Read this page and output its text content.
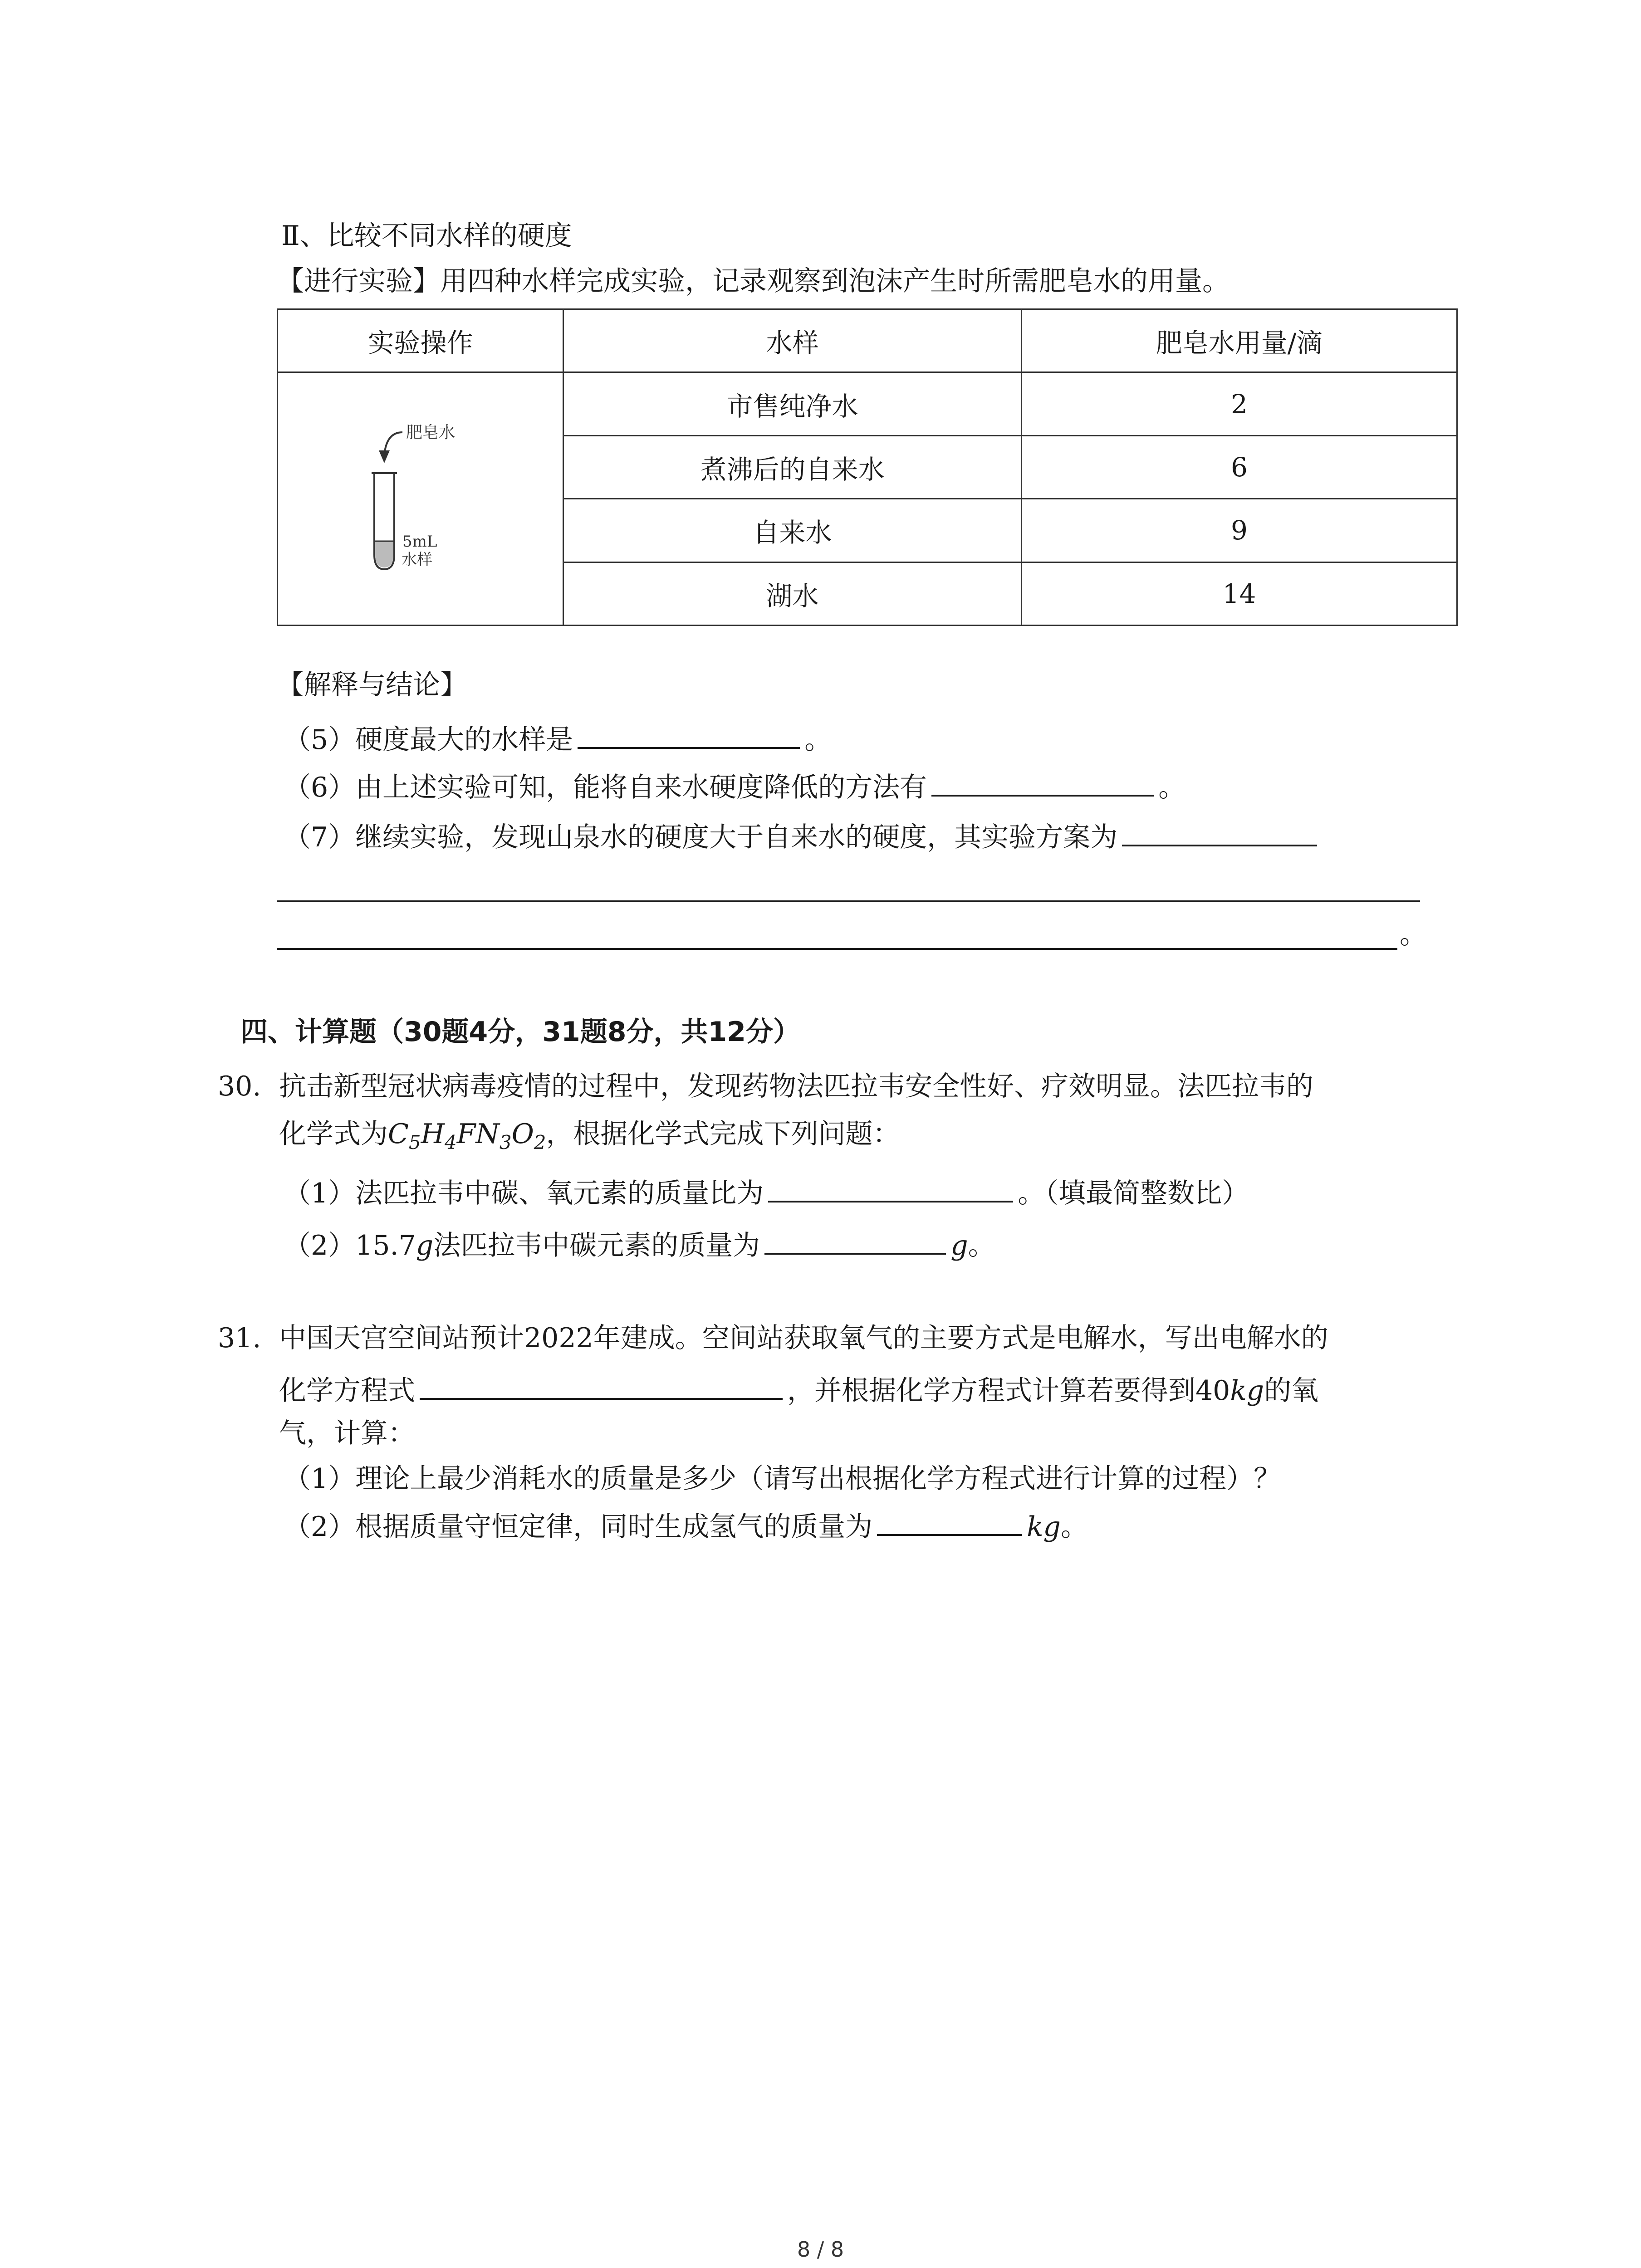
Ⅱ、比较不同水样的硬度
【进行实验】用四种水样完成实验，记录观察到泡沫产生时所需肥皂水的用量。
实验操作	水样	肥皂水用量/滴

肥皂水
5mL
水样	市售纯净水	2
	煮沸后的自来水	6
	自来水	9
	湖水	14
【解释与结论】
（5）硬度最大的水样是	。
（6）由上述实验可知，能将自来水硬度降低的方法有	。
（7）继续实验，发现山泉水的硬度大于自来水的硬度，其实验方案为
。
四、计算题（30题4分，31题8分，共12分）
30. 抗击新型冠状病毒疫情的过程中，发现药物法匹拉韦安全性好、疗效明显。法匹拉韦的
化学式为$C_5H_4FN_3O_2$，根据化学式完成下列问题：
（1）法匹拉韦中碳、氧元素的质量比为	。（填最简整数比）
（2）15.7g法匹拉韦中碳元素的质量为	g。
31. 中国天宫空间站预计2022年建成。空间站获取氧气的主要方式是电解水，写出电解水的
化学方程式	，并根据化学方程式计算若要得到40kg的氧
气，计算：
（1）理论上最少消耗水的质量是多少（请写出根据化学方程式进行计算的过程）？
（2）根据质量守恒定律，同时生成氢气的质量为	kg。
8 / 8
